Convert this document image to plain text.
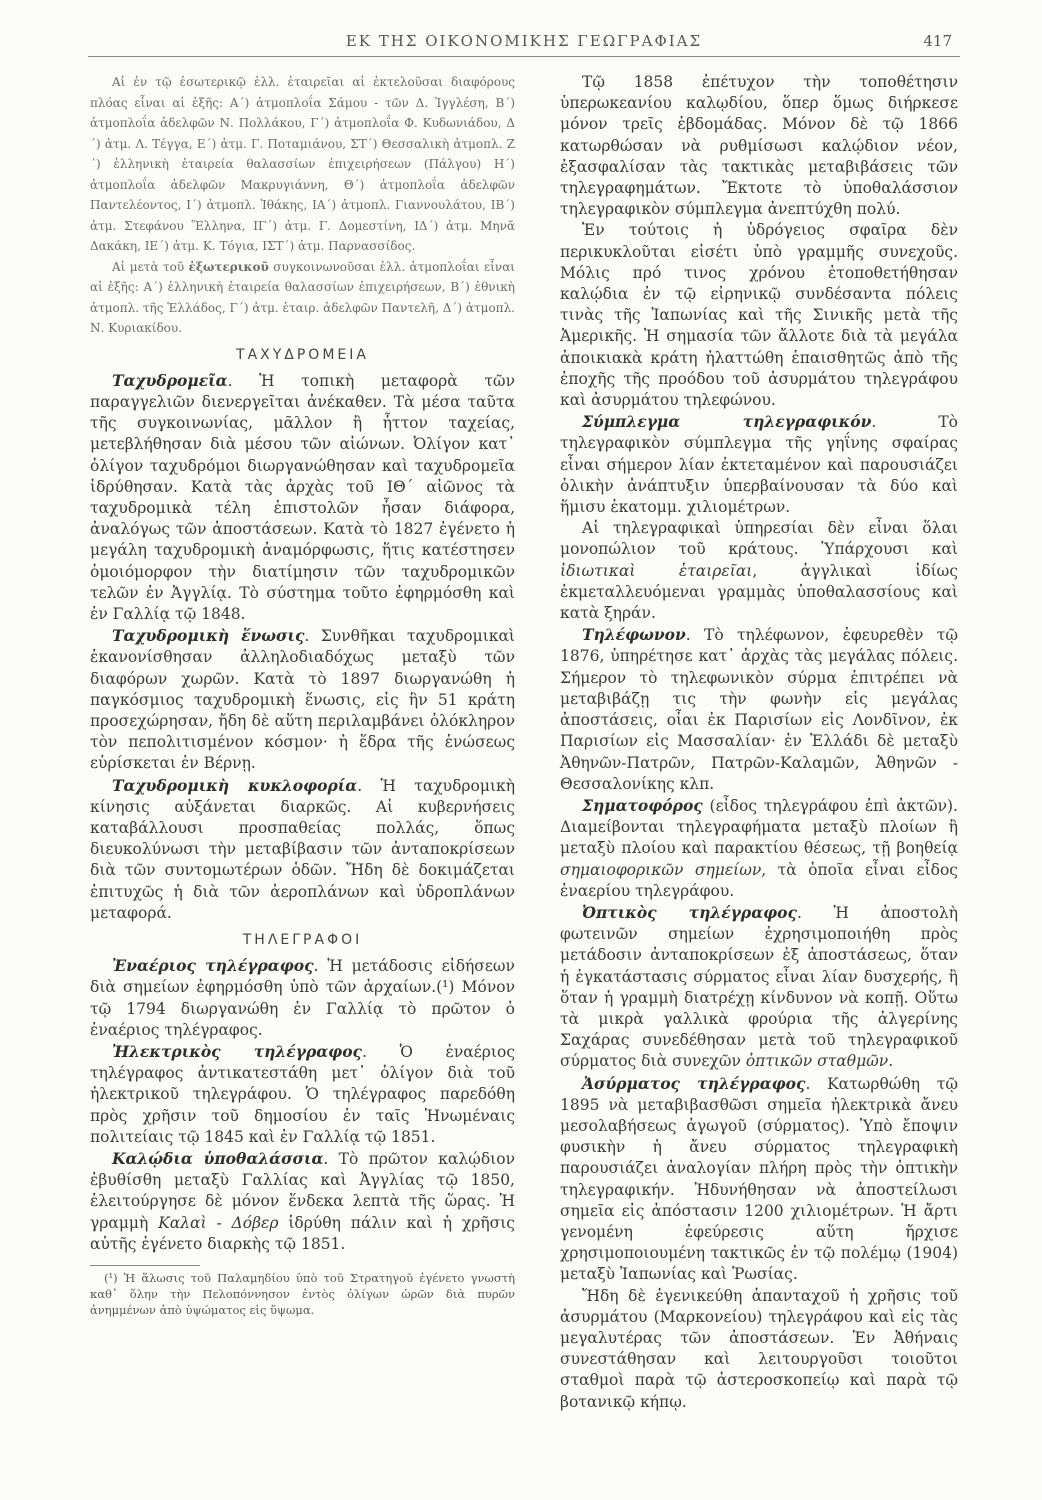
ΕΚ ΤΗΣ ΟΙΚΟΝΟΜΙΚΗΣ ΓΕΩΓΡΑΦΙΑΣ	417

Αἱ ἐν τῷ ἐσωτερικῷ ἑλλ. ἑταιρεῖαι αἱ ἐκτελοῦσαι διαφόρους πλόας εἶναι αἱ ἑξῆς: Α´) ἀτμοπλοΐα Σάμου - τῶν Δ. Ἰγγλέση, Β´) ἀτμοπλοΐα ἀδελφῶν Ν. Πολλάκου, Γ´) ἀτμοπλοΐα Φ. Κυδωνιάδου, Δ´) ἀτμ. Λ. Τέγγα, Ε´) ἀτμ. Γ. Ποταμιάνου, ΣΤ´) Θεσσαλικὴ ἀτμοπλ. Ζ´) ἑλληνικὴ ἑταιρεία θαλασσίων ἐπιχειρήσεων (Πάλγου) Η´) ἀτμοπλοΐα ἀδελφῶν Μακρυγιάννη, Θ´) ἀτμοπλοΐα ἀδελφῶν Παντελέοντος, Ι´) ἀτμοπλ. Ἰθάκης, ΙΑ´) ἀτμοπλ. Γιαννουλάτου, ΙΒ´) ἀτμ. Στεφάνου Ἕλληνα, ΙΓ´) ἀτμ. Γ. Δομεστίνη, ΙΔ´) ἀτμ. Μηνᾶ Δακάκη, ΙΕ´) ἀτμ. Κ. Τόγια, ΙΣΤ´) ἀτμ. Παρνασσίδος.

Αἱ μετὰ τοῦ ἐξωτερικοῦ συγκοινωνοῦσαι ἑλλ. ἀτμοπλοΐαι εἶναι αἱ ἑξῆς: Α´) ἑλληνικὴ ἑταιρεία θαλασσίων ἐπιχειρήσεων, Β´) ἐθνικὴ ἀτμοπλ. τῆς Ἑλλάδος, Γ´) ἀτμ. ἑταιρ. ἀδελφῶν Παντελῆ, Δ´) ἀτμοπλ. Ν. Κυριακίδου.

ΤΑΧΥΔΡΟΜΕΙΑ

Ταχυδρομεῖα. Ἡ τοπικὴ μεταφορὰ τῶν παραγγελιῶν διενεργεῖται ἀνέκαθεν. Τὰ μέσα ταῦτα τῆς συγκοινωνίας, μᾶλλον ἢ ἧττον ταχείας, μετεβλήθησαν διὰ μέσου τῶν αἰώνων. Ὀλίγον κατ᾽ ὀλίγον ταχυδρόμοι διωργανώθησαν καὶ ταχυδρομεῖα ἱδρύθησαν. Κατὰ τὰς ἀρχὰς τοῦ ΙΘ´ αἰῶνος τὰ ταχυδρομικὰ τέλη ἐπιστολῶν ἦσαν διάφορα, ἀναλόγως τῶν ἀποστάσεων. Κατὰ τὸ 1827 ἐγένετο ἡ μεγάλη ταχυδρομικὴ ἀναμόρφωσις, ἥτις κατέστησεν ὁμοιόμορφον τὴν διατίμησιν τῶν ταχυδρομικῶν τελῶν ἐν Ἀγγλίᾳ. Τὸ σύστημα τοῦτο ἐφηρμόσθη καὶ ἐν Γαλλίᾳ τῷ 1848.

Ταχυδρομικὴ ἕνωσις. Συνθῆκαι ταχυδρομικαὶ ἐκανονίσθησαν ἀλληλοδιαδόχως μεταξὺ τῶν διαφόρων χωρῶν. Κατὰ τὸ 1897 διωργανώθη ἡ παγκόσμιος ταχυδρομικὴ ἕνωσις, εἰς ἣν 51 κράτη προσεχώρησαν, ἤδη δὲ αὕτη περιλαμβάνει ὁλόκληρον τὸν πεπολιτισμένον κόσμον· ἡ ἕδρα τῆς ἑνώσεως εὑρίσκεται ἐν Βέρνῃ.

Ταχυδρομικὴ κυκλοφορία. Ἡ ταχυδρομικὴ κίνησις αὐξάνεται διαρκῶς. Αἱ κυβερνήσεις καταβάλλουσι προσπαθείας πολλάς, ὅπως διευκολύνωσι τὴν μεταβίβασιν τῶν ἀνταποκρίσεων διὰ τῶν συντομωτέρων ὁδῶν. Ἤδη δὲ δοκιμάζεται ἐπιτυχῶς ἡ διὰ τῶν ἀεροπλάνων καὶ ὑδροπλάνων μεταφορά.

ΤΗΛΕΓΡΑΦΟΙ

Ἐναέριος τηλέγραφος. Ἡ μετάδοσις εἰδήσεων διὰ σημείων ἐφηρμόσθη ὑπὸ τῶν ἀρχαίων.(¹) Μόνον τῷ 1794 διωργανώθη ἐν Γαλλίᾳ τὸ πρῶτον ὁ ἐναέριος τηλέγραφος.

Ἠλεκτρικὸς τηλέγραφος. Ὁ ἐναέριος τηλέγραφος ἀντικατεστάθη μετ᾽ ὀλίγον διὰ τοῦ ἠλεκτρικοῦ τηλεγράφου. Ὁ τηλέγραφος παρεδόθη πρὸς χρῆσιν τοῦ δημοσίου ἐν ταῖς Ἡνωμέναις πολιτείαις τῷ 1845 καὶ ἐν Γαλλίᾳ τῷ 1851.

Καλῴδια ὑποθαλάσσια. Τὸ πρῶτον καλῴδιον ἐβυθίσθη μεταξὺ Γαλλίας καὶ Ἀγγλίας τῷ 1850, ἐλειτούργησε δὲ μόνον ἕνδεκα λεπτὰ τῆς ὥρας. Ἡ γραμμὴ Καλαὶ - Δόβερ ἱδρύθη πάλιν καὶ ἡ χρῆσις αὐτῆς ἐγένετο διαρκὴς τῷ 1851.

(¹) Ἡ ἅλωσις τοῦ Παλαμηδίου ὑπὸ τοῦ Στρατηγοῦ ἐγένετο γνωστὴ καθ᾽ ὅλην τὴν Πελοπόννησον ἐντὸς ὀλίγων ὡρῶν διὰ πυρῶν ἀνημμένων ἀπὸ ὑψώματος εἰς ὕψωμα.

Τῷ 1858 ἐπέτυχον τὴν τοποθέτησιν ὑπερωκεανίου καλῳδίου, ὅπερ ὅμως διήρκεσε μόνον τρεῖς ἑβδομάδας. Μόνον δὲ τῷ 1866 κατωρθώσαν νὰ ρυθμίσωσι καλῴδιον νέον, ἐξασφαλίσαν τὰς τακτικὰς μεταβιβάσεις τῶν τηλεγραφημάτων. Ἔκτοτε τὸ ὑποθαλάσσιον τηλεγραφικὸν σύμπλεγμα ἀνεπτύχθη πολύ.

Ἐν τούτοις ἡ ὑδρόγειος σφαῖρα δὲν περικυκλοῦται εἰσέτι ὑπὸ γραμμῆς συνεχοῦς. Μόλις πρό τινος χρόνου ἐτοποθετήθησαν καλῴδια ἐν τῷ εἰρηνικῷ συνδέσαντα πόλεις τινὰς τῆς Ἰαπωνίας καὶ τῆς Σινικῆς μετὰ τῆς Ἀμερικῆς. Ἡ σημασία τῶν ἄλλοτε διὰ τὰ μεγάλα ἀποικιακὰ κράτη ἠλαττώθη ἐπαισθητῶς ἀπὸ τῆς ἐποχῆς τῆς προόδου τοῦ ἀσυρμάτου τηλεγράφου καὶ ἀσυρμάτου τηλεφώνου.

Σύμπλεγμα τηλεγραφικόν. Τὸ τηλεγραφικὸν σύμπλεγμα τῆς γηΐνης σφαίρας εἶναι σήμερον λίαν ἐκτεταμένον καὶ παρουσιάζει ὁλικὴν ἀνάπτυξιν ὑπερβαίνουσαν τὰ δύο καὶ ἥμισυ ἑκατομμ. χιλιομέτρων.

Αἱ τηλεγραφικαὶ ὑπηρεσίαι δὲν εἶναι ὅλαι μονοπώλιον τοῦ κράτους. Ὑπάρχουσι καὶ ἰδιωτικαὶ ἑταιρεῖαι, ἀγγλικαὶ ἰδίως ἐκμεταλλευόμεναι γραμμὰς ὑποθαλασσίους καὶ κατὰ ξηράν.

Τηλέφωνον. Τὸ τηλέφωνον, ἐφευρεθὲν τῷ 1876, ὑπηρέτησε κατ᾽ ἀρχὰς τὰς μεγάλας πόλεις. Σήμερον τὸ τηλεφωνικὸν σύρμα ἐπιτρέπει νὰ μεταβιβάζῃ τις τὴν φωνὴν εἰς μεγάλας ἀποστάσεις, οἷαι ἐκ Παρισίων εἰς Λονδῖνον, ἐκ Παρισίων εἰς Μασσαλίαν· ἐν Ἑλλάδι δὲ μεταξὺ Ἀθηνῶν-Πατρῶν, Πατρῶν-Καλαμῶν, Ἀθηνῶν - Θεσσαλονίκης κλπ.

Σηματοφόρος (εἶδος τηλεγράφου ἐπὶ ἀκτῶν). Διαμείβονται τηλεγραφήματα μεταξὺ πλοίων ἢ μεταξὺ πλοίου καὶ παρακτίου θέσεως, τῇ βοηθείᾳ σημαιοφορικῶν σημείων, τὰ ὁποῖα εἶναι εἶδος ἐναερίου τηλεγράφου.

Ὀπτικὸς τηλέγραφος. Ἡ ἀποστολὴ φωτεινῶν σημείων ἐχρησιμοποιήθη πρὸς μετάδοσιν ἀνταποκρίσεων ἐξ ἀποστάσεως, ὅταν ἡ ἐγκατάστασις σύρματος εἶναι λίαν δυσχερής, ἢ ὅταν ἡ γραμμὴ διατρέχῃ κίνδυνον νὰ κοπῇ. Οὕτω τὰ μικρὰ γαλλικὰ φρούρια τῆς ἀλγερίνης Σαχάρας συνεδέθησαν μετὰ τοῦ τηλεγραφικοῦ σύρματος διὰ συνεχῶν ὀπτικῶν σταθμῶν.

Ἀσύρματος τηλέγραφος. Κατωρθώθη τῷ 1895 νὰ μεταβιβασθῶσι σημεῖα ἠλεκτρικὰ ἄνευ μεσολαβήσεως ἀγωγοῦ (σύρματος). Ὑπὸ ἔποψιν φυσικὴν ἡ ἄνευ σύρματος τηλεγραφικὴ παρουσιάζει ἀναλογίαν πλήρη πρὸς τὴν ὀπτικὴν τηλεγραφικήν. Ἠδυνήθησαν νὰ ἀποστείλωσι σημεῖα εἰς ἀπόστασιν 1200 χιλιομέτρων. Ἡ ἄρτι γενομένη ἐφεύρεσις αὕτη ἤρχισε χρησιμοποιουμένη τακτικῶς ἐν τῷ πολέμῳ (1904) μεταξὺ Ἰαπωνίας καὶ Ῥωσίας.

Ἤδη δὲ ἐγενικεύθη ἁπανταχοῦ ἡ χρῆσις τοῦ ἀσυρμάτου (Μαρκονείου) τηλεγράφου καὶ εἰς τὰς μεγαλυτέρας τῶν ἀποστάσεων. Ἐν Ἀθήναις συνεστάθησαν καὶ λειτουργοῦσι τοιοῦτοι σταθμοὶ παρὰ τῷ ἀστεροσκοπείῳ καὶ παρὰ τῷ βοτανικῷ κήπῳ.
